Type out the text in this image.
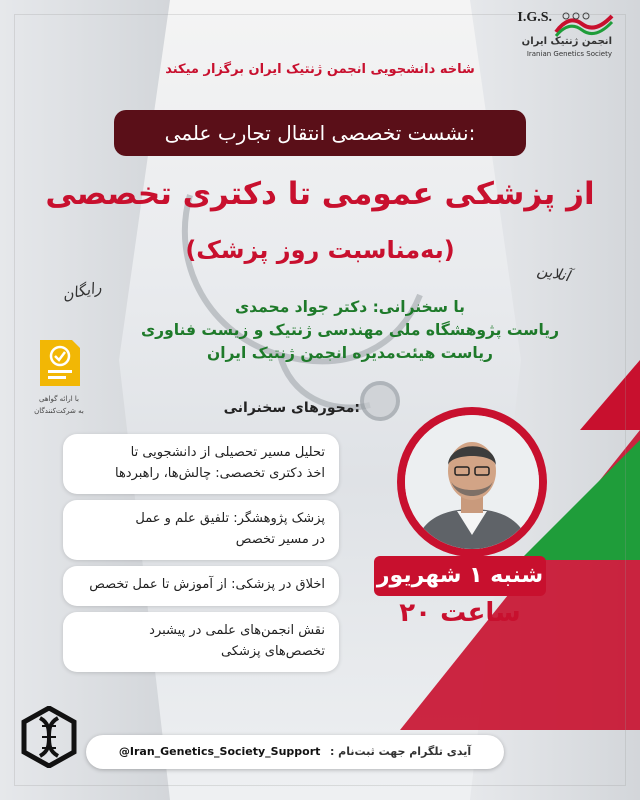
I.G.S.
انجمن ژنتیک ایران
Iranian Genetics Society
شاخه دانشجویی انجمن ژنتیک ایران برگزار میکند
نشست تخصصی انتقال تجارب علمی:
از پزشکی عمومی تا دکتری تخصصی
(به‌مناسبت روز پزشک)
آنلاین
رایگان
با سخنرانی: دکتر جواد محمدی
ریاست پژوهشگاه ملی مهندسی ژنتیک و زیست فناوری
ریاست هیئت‌مدیره انجمن ژنتیک ایران
با ارائه گواهی
به شرکت‌کنندگان	محورهای سخنرانی:
تحلیل مسیر تحصیلی از دانشجویی تا
اخذ دکتری تخصصی: چالش‌ها، راهبردها
پزشک پژوهشگر: تلفیق علم و عمل
در مسیر تخصص
اخلاق در پزشکی: از آموزش تا عمل تخصص
نقش انجمن‌های علمی در پیشبرد
تخصص‌های پزشکی
شنبه ۱ شهریور
ساعت ۲۰
آیدی تلگرام جهت ثبت‌نام : @Iran_Genetics_Society_Support
